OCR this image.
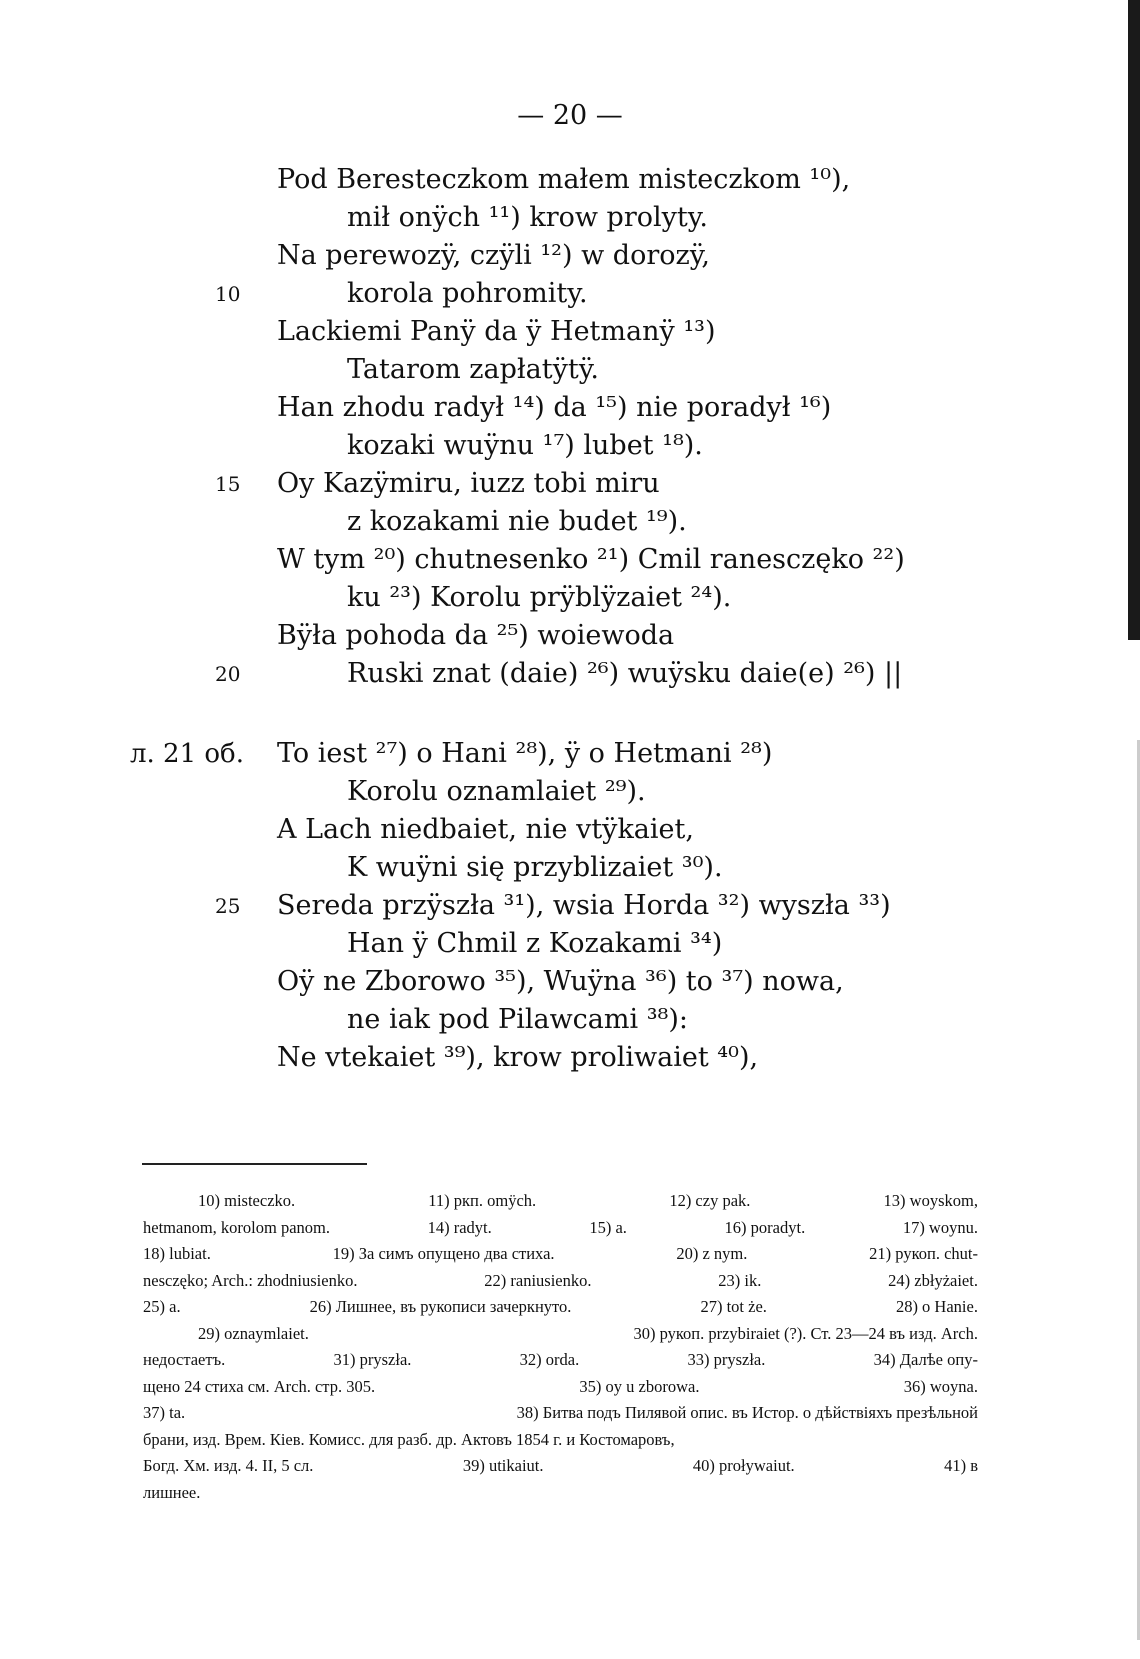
— 20 —
Pod Beresteczkom małem misteczkom ¹⁰),
mił onÿch ¹¹) krow prolyty.
Na perewozÿ, czÿli ¹²) w dorozÿ,
10	korola pohromity.
Lackiemi Panÿ da ÿ Hetmanÿ ¹³)
Tatarom zapłatÿtÿ.
Han zhodu radył ¹⁴) da ¹⁵) nie poradył ¹⁶)
kozaki wuÿnu ¹⁷) lubet ¹⁸).
15 Oy Kazÿmiru, iuzz tobi miru
z kozakami nie budet ¹⁹).
W tym ²⁰) chutnesenko ²¹) Cmil ranesczęko ²²)
ku ²³) Korolu prÿblÿzaiet ²⁴).
Bÿła pohoda da ²⁵) woiewoda
20	Ruski znat (daie) ²⁶) wuÿsku daie(e) ²⁶) ||
л. 21 об. To iest ²⁷) o Hani ²⁸), ÿ o Hetmani ²⁸)
Korolu oznamlaiet ²⁹).
A Lach niedbaiet, nie vtÿkaiet,
K wuÿni się przyblizaiet ³⁰).
25 Sereda przÿszła ³¹), wsia Horda ³²) wyszła ³³)
Han ÿ Chmil z Kozakami ³⁴)
Oÿ ne Zborowo ³⁵), Wuÿna ³⁶) to ³⁷) nowa,
ne iak pod Pilawcami ³⁸):
Ne vtekaiet ³⁹), krow proliwaiet ⁴⁰),
10) misteczko.	11) ркп. omÿch.	12) czy pak.	13) woyskom,
hetmanom, korolom panom.	14) radyt.	15) a.	16) poradyt.	17) woynu.
18) lubiat.	19) За симъ опущено два стиха.	20) z nym.	21) рукоп. chut-
nesczęko; Arch.: zhodniusienko.	22) raniusienko.	23) ik.	24) zbłyżaiet.
25) a.	26) Лишнее, въ рукописи зачеркнуто.	27) tot że.	28) o Hanie.
29) oznaymlaiet.	30) рукоп. przybiraiet (?). Ст. 23—24 въ изд. Arch.
недостаетъ.	31) pryszła.	32) orda.	33) pryszła.	34) Далѣе опу-
щено 24 стиха см. Arch. стр. 305.	35) oy u zborowa.	36) woyna.
37) ta.	38) Битва подъ Пилявой опис. въ Истор. о дѣйствіяхъ презѣльной
брани, изд. Врем. Кiев. Комисс. для разб. др. Актовъ 1854 г. и Костомаровъ,
Богд. Хм. изд. 4. II, 5 сл.	39) utikaiut.	40) proływaiut.	41) в
лишнее.
